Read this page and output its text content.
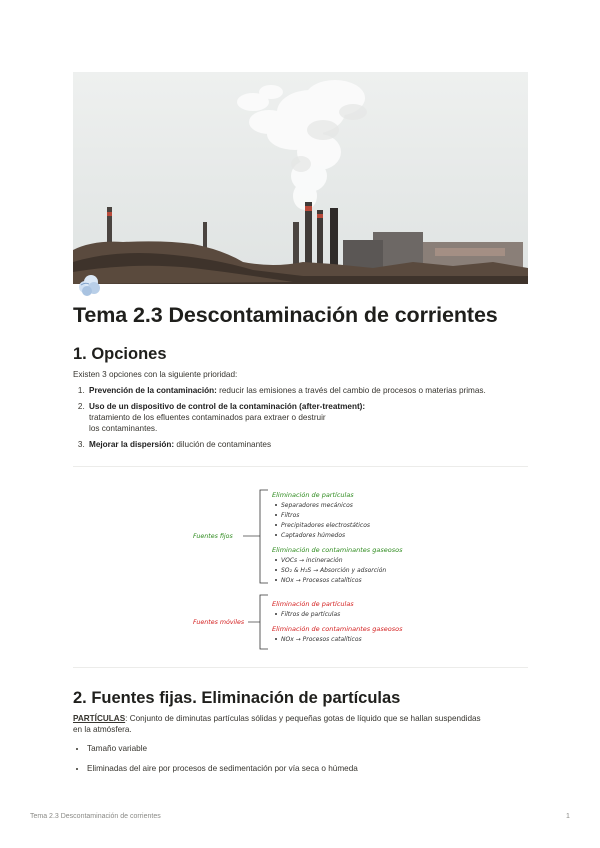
Tema 2.3 Descontaminación de corrientes
1. Opciones
Existen 3 opciones con la siguiente prioridad:
1. Prevención de la contaminación: reducir las emisiones a través del cambio de procesos o materias primas.
2. Uso de un dispositivo de control de la contaminación (after-treatment):
tratamiento de los efluentes contaminados para extraer o destruir
los contaminantes.
3. Mejorar la dispersión: dilución de contaminantes
Fuentes fijos
Eliminación de partículas
Separadores mecánicos
Filtros
Precipitadores electrostáticos
Captadores húmedos
Eliminación de contaminantes gaseosos
VOCs → incineración
SO₂ & H₂S → Absorción y adsorción
NOx → Procesos catalíticos
Fuentes móviles
Eliminación de partículas
Filtros de partículas
Eliminación de contaminantes gaseosos
NOx → Procesos catalíticos
2. Fuentes fijas. Eliminación de partículas
PARTÍCULAS: Conjunto de diminutas partículas sólidas y pequeñas gotas de líquido que se hallan suspendidas
en la atmósfera.
• Tamaño variable
• Eliminadas del aire por procesos de sedimentación por vía seca o húmeda
Tema 2.3 Descontaminación de corrientes	1
